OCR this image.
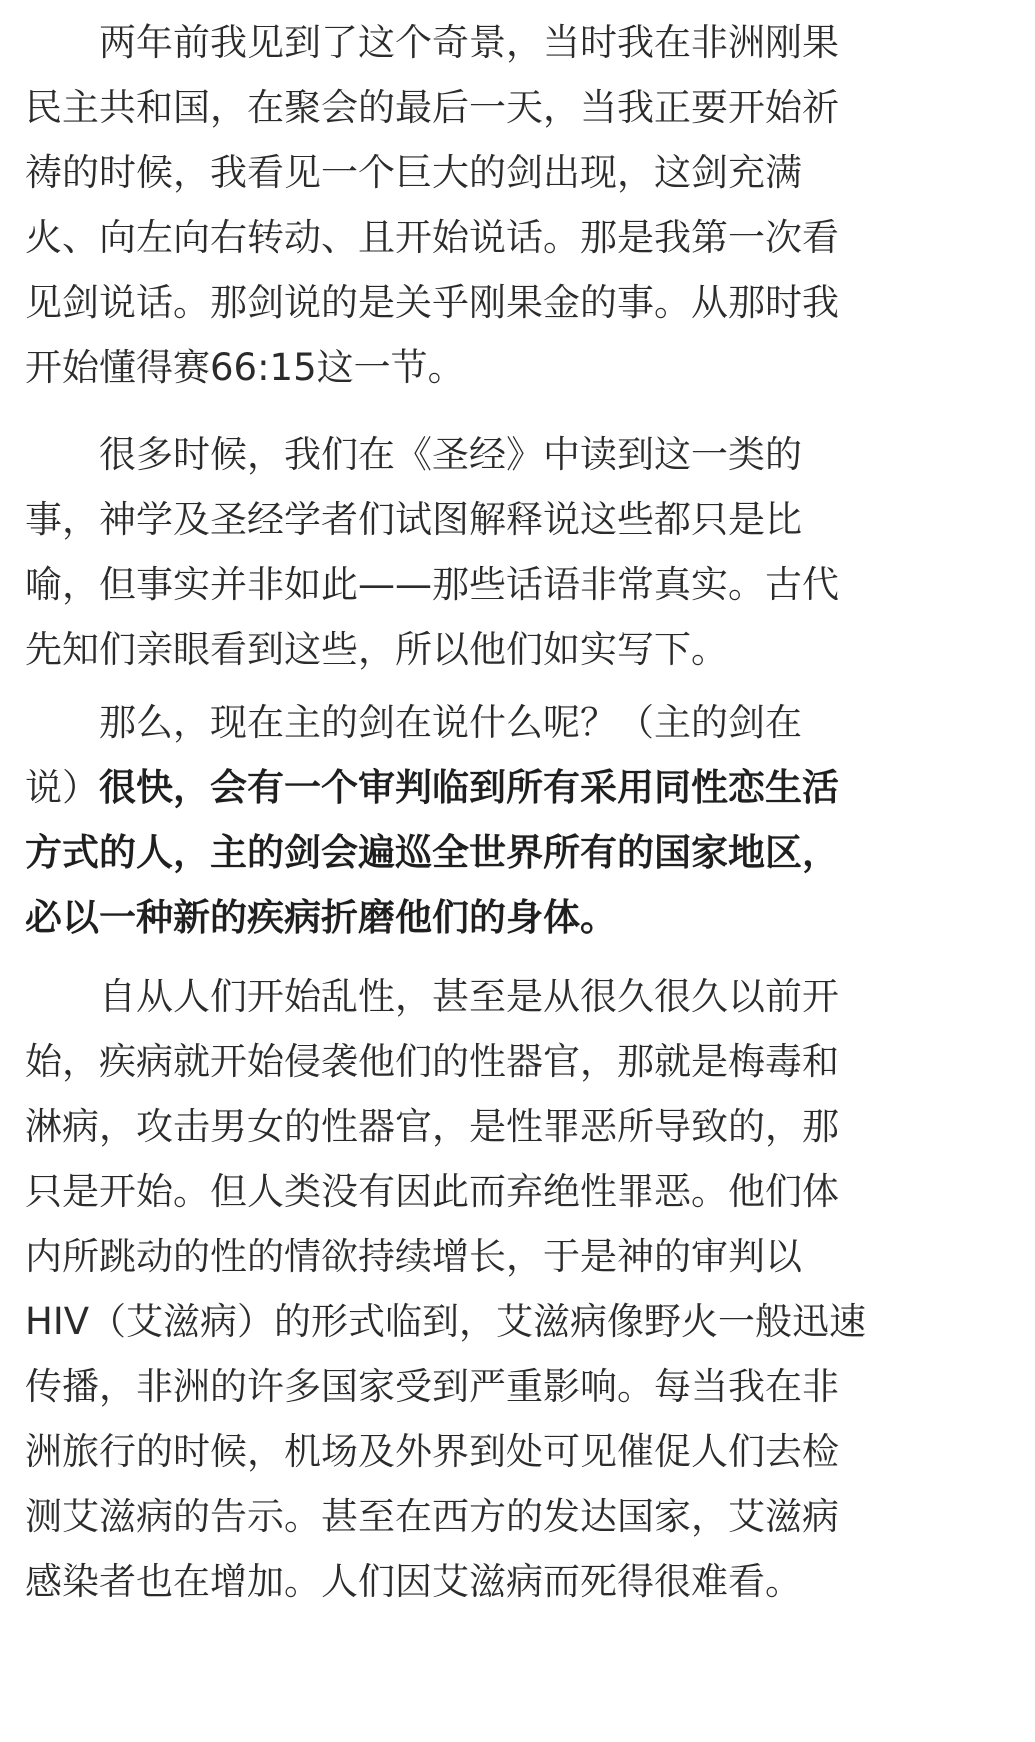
两年前我见到了这个奇景，当时我在非洲刚果
民主共和国，在聚会的最后一天，当我正要开始祈
祷的时候，我看见一个巨大的剑出现，这剑充满
火、向左向右转动、且开始说话。那是我第一次看
见剑说话。那剑说的是关乎刚果金的事。从那时我
开始懂得赛66:15这一节。
很多时候，我们在《圣经》中读到这一类的
事，神学及圣经学者们试图解释说这些都只是比
喻，但事实并非如此——那些话语非常真实。古代
先知们亲眼看到这些，所以他们如实写下。
那么，现在主的剑在说什么呢？（主的剑在
说）很快，会有一个审判临到所有采用同性恋生活
方式的人，主的剑会遍巡全世界所有的国家地区，
必以一种新的疾病折磨他们的身体。
自从人们开始乱性，甚至是从很久很久以前开
始，疾病就开始侵袭他们的性器官，那就是梅毒和
淋病，攻击男女的性器官，是性罪恶所导致的，那
只是开始。但人类没有因此而弃绝性罪恶。他们体
内所跳动的性的情欲持续增长，于是神的审判以
HIV（艾滋病）的形式临到，艾滋病像野火一般迅速
传播，非洲的许多国家受到严重影响。每当我在非
洲旅行的时候，机场及外界到处可见催促人们去检
测艾滋病的告示。甚至在西方的发达国家，艾滋病
感染者也在增加。人们因艾滋病而死得很难看。
